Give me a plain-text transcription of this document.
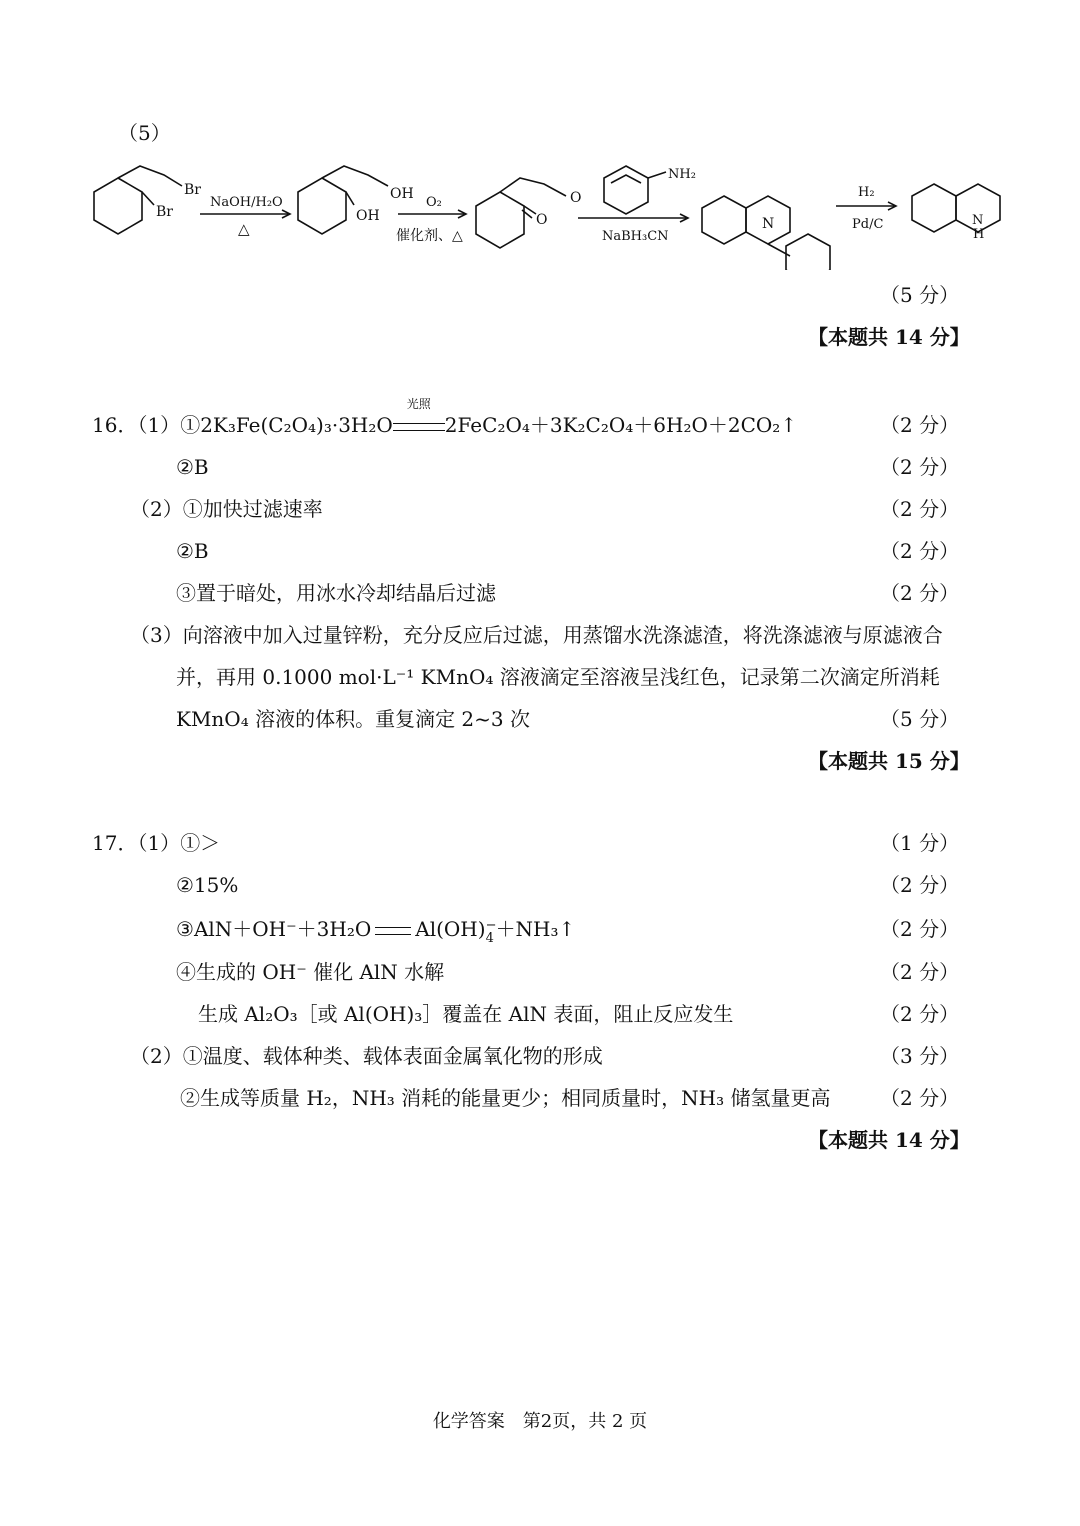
（5）
Br
Br
NaOH/H₂O
△
OH
OH
O₂
催化剂、△
O
O
NH₂
NaBH₃CN
N
H₂
Pd/C	N
H
（5 分）
【本题共 14 分】
16．（1）①2K₃Fe(C₂O₄)₃·3H₂O
光照
2FeC₂O₄＋3K₂C₂O₄＋6H₂O＋2CO₂↑	（2 分）
②B	（2 分）
（2）①加快过滤速率	（2 分）
②B	（2 分）
③置于暗处，用冰水冷却结晶后过滤	（2 分）
（3）向溶液中加入过量锌粉，充分反应后过滤，用蒸馏水洗涤滤渣，将洗涤滤液与原滤液合
并，再用 0.1000 mol·L⁻¹ KMnO₄ 溶液滴定至溶液呈浅红色，记录第二次滴定所消耗
KMnO₄ 溶液的体积。重复滴定 2~3 次	（5 分）
【本题共 15 分】
17．（1）①＞	（1 分）
②15%	（2 分）
③AlN＋OH⁻＋3H₂O Al(OH) −
4 ＋NH₃↑	（2 分）
④生成的 OH⁻ 催化 AlN 水解	（2 分）
生成 Al₂O₃［或 Al(OH)₃］覆盖在 AlN 表面，阻止反应发生	（2 分）
（2）①温度、载体种类、载体表面金属氧化物的形成	（3 分）
②生成等质量 H₂，NH₃ 消耗的能量更少；相同质量时，NH₃ 储氢量更高 （2 分）
【本题共 14 分】
化学答案　第2页，共 2 页
